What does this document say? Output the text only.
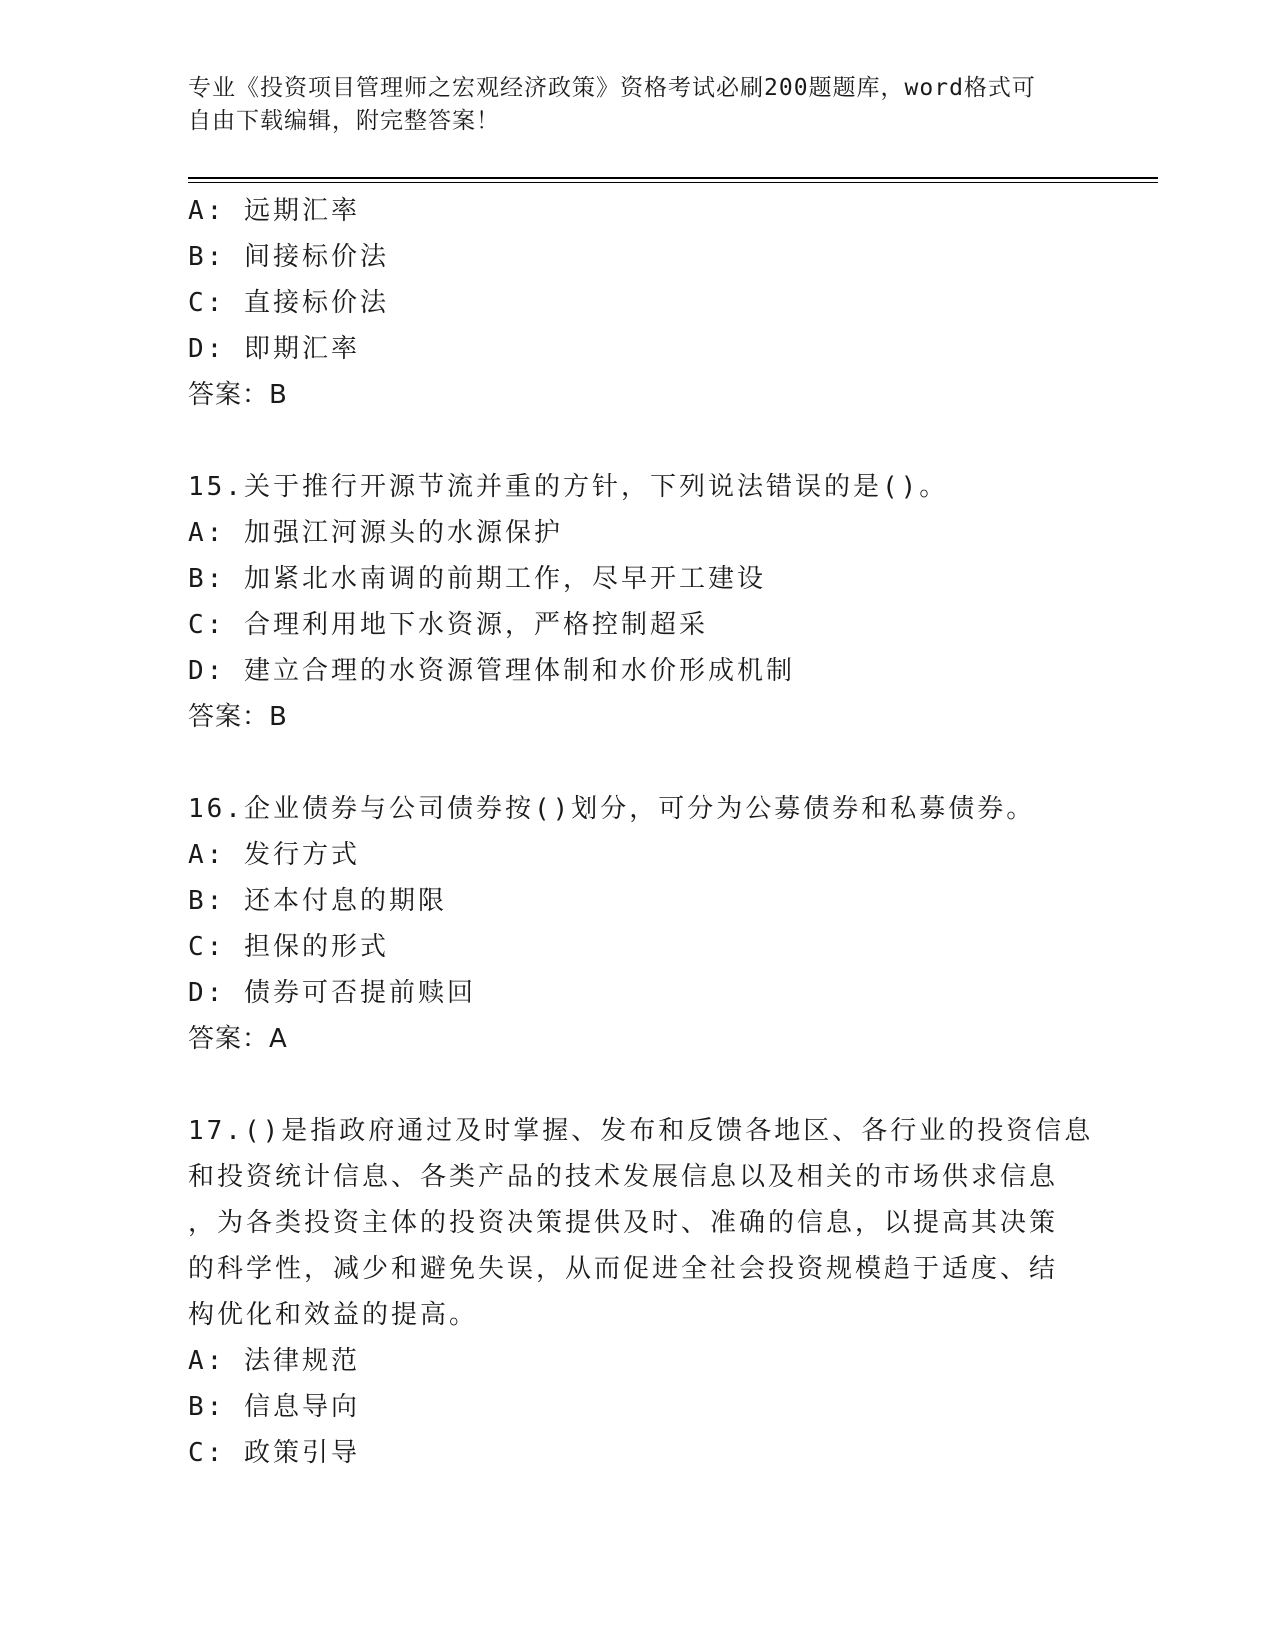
专业《投资项目管理师之宏观经济政策》资格考试必刷200题题库，word格式可
自由下载编辑，附完整答案！
A: 远期汇率
B: 间接标价法
C: 直接标价法
D: 即期汇率
答案：B
15.关于推行开源节流并重的方针，下列说法错误的是()。
A: 加强江河源头的水源保护
B: 加紧北水南调的前期工作，尽早开工建设
C: 合理利用地下水资源，严格控制超采
D: 建立合理的水资源管理体制和水价形成机制
答案：B
16.企业债券与公司债券按()划分，可分为公募债券和私募债券。
A: 发行方式
B: 还本付息的期限
C: 担保的形式
D: 债券可否提前赎回
答案：A
17.()是指政府通过及时掌握、发布和反馈各地区、各行业的投资信息
和投资统计信息、各类产品的技术发展信息以及相关的市场供求信息
，为各类投资主体的投资决策提供及时、准确的信息，以提高其决策
的科学性，减少和避免失误，从而促进全社会投资规模趋于适度、结
构优化和效益的提高。
A: 法律规范
B: 信息导向
C: 政策引导
